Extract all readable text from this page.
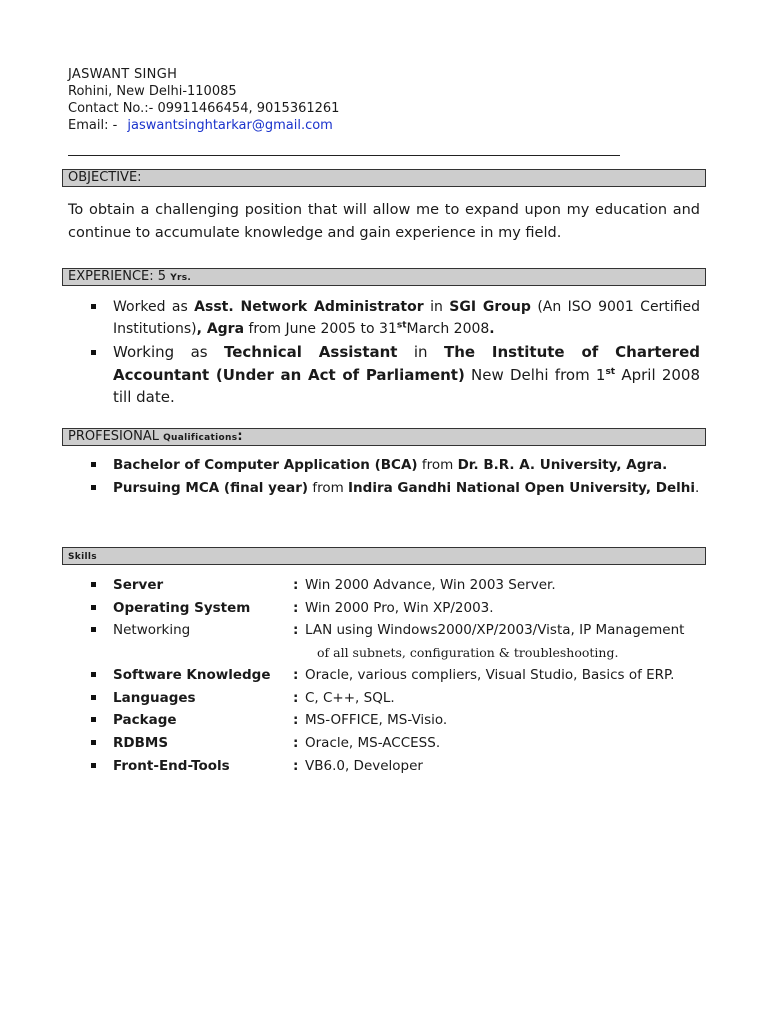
JASWANT SINGH
Rohini, New Delhi-110085
Contact No.:- 09911466454, 9015361261
Email: - jaswantsinghtarkar@gmail.com
OBJECTIVE:
To obtain a challenging position that will allow me to expand upon my education and continue to accumulate knowledge and gain experience in my field.
EXPERIENCE: 5 Yrs.
Worked as Asst. Network Administrator in SGI Group (An ISO 9001 Certified Institutions), Agra from June 2005 to 31stMarch 2008.
Working as Technical Assistant in The Institute of Chartered Accountant (Under an Act of Parliament) New Delhi from 1st April 2008 till date.
PROFESIONAL Qualifications:
Bachelor of Computer Application (BCA) from Dr. B.R. A. University, Agra.
Pursuing MCA (final year) from Indira Gandhi National Open University, Delhi.
Skills
Server	: Win 2000 Advance, Win 2003 Server.
Operating System	: Win 2000 Pro, Win XP/2003.
Networking	: LAN using Windows2000/XP/2003/Vista, IP Management
of all subnets, configuration & troubleshooting.
Software Knowledge : Oracle, various compliers, Visual Studio, Basics of ERP.
Languages	: C, C++, SQL.
Package	: MS-OFFICE, MS-Visio.
RDBMS	: Oracle, MS-ACCESS.
Front-End-Tools	: VB6.0, Developer
